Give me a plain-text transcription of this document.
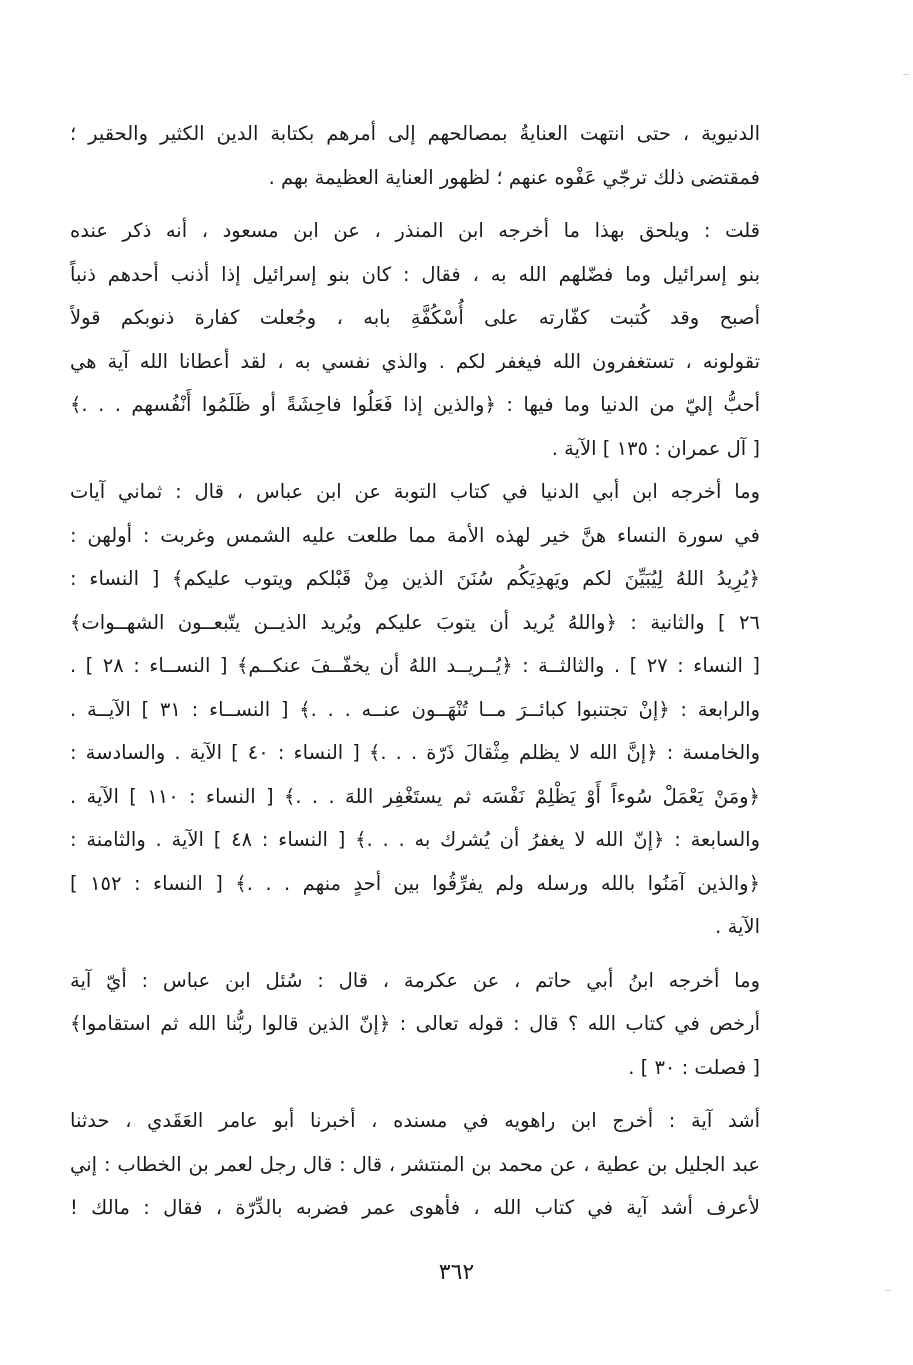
الدنيوية ، حتى انتهت العنايةُ بمصالحهم إلى أمرهم بكتابة الدين الكثير والحقير ؛
فمقتضى ذلك ترجّي عَفْوه عنهم ؛ لظهور العناية العظيمة بهم .
قلت : ويلحق بهذا ما أخرجه ابن المنذر ، عن ابن مسعود ، أنه ذكر عنده
بنو إسرائيل وما فضّلهم الله به ، فقال : كان بنو إسرائيل إذا أذنب أحدهم ذنباً
أصبح وقد كُتبت كفّارته على أُسْكُفَّةِ بابه ، وجُعلت كفارة ذنوبكم قولاً
تقولونه ، تستغفرون الله فيغفر لكم . والذي نفسي به ، لقد أعطانا الله آية هي
أحبُّ إليّ من الدنيا وما فيها : ﴿والذين إذا فَعَلُوا فاحِشَةً أو ظَلَمُوا أَنْفُسهم . . .﴾
[ آل عمران : ١٣٥ ] الآية .
وما أخرجه ابن أبي الدنيا في كتاب التوبة عن ابن عباس ، قال : ثماني آيات
في سورة النساء هنَّ خير لهذه الأمة مما طلعت عليه الشمس وغربت : أولهن :
﴿يُرِيدُ اللهُ لِيُبَيِّنَ لكم ويَهدِيَكُم سُنَنَ الذين مِنْ قَبْلكم ويتوب عليكم﴾ [ النساء :
٢٦ ] والثانية : ﴿واللهُ يُريد أن يتوبَ عليكم ويُريد الذيــن يتّبعــون الشهــوات﴾
[ النساء : ٢٧ ] . والثالثــة : ﴿يُــريــد اللهُ أن يخفّــفَ عنكــم﴾ [ النســاء : ٢٨ ] .
والرابعة : ﴿إنْ تجتنبوا كبائــرَ مــا تُنْهَــون عنــه . . .﴾ [ النســاء : ٣١ ] الآيــة .
والخامسة : ﴿إنَّ الله لا يظلم مِثْقالَ ذَرّة . . .﴾ [ النساء : ٤٠ ] الآية . والسادسة :
﴿ومَنْ يَعْمَلْ سُوءاً أَوْ يَظْلِمْ نَفْسَه ثم يستَغْفِر اللهَ . . .﴾ [ النساء : ١١٠ ] الآية .
والسابعة : ﴿إنّ الله لا يغفرُ أن يُشرك به . . .﴾ [ النساء : ٤٨ ] الآية . والثامنة :
﴿والذين آمَنُوا بالله ورسله ولم يفرِّقُوا بين أحدٍ منهم . . .﴾ [ النساء : ١٥٢ ]
الآية .
وما أخرجه ابنُ أبي حاتم ، عن عكرمة ، قال : سُئل ابن عباس : أيّ آية
أرخص في كتاب الله ؟ قال : قوله تعالى : ﴿إنّ الذين قالوا ربُّنا الله ثم استقاموا﴾
[ فصلت : ٣٠ ] .
أشد آية : أخرج ابن راهويه في مسنده ، أخبرنا أبو عامر العَقَدي ، حدثنا
عبد الجليل بن عطية ، عن محمد بن المنتشر ، قال : قال رجل لعمر بن الخطاب : إني
لأعرف أشد آية في كتاب الله ، فأهوى عمر فضربه بالدِّرّة ، فقال : مالك !
٣٦٢
